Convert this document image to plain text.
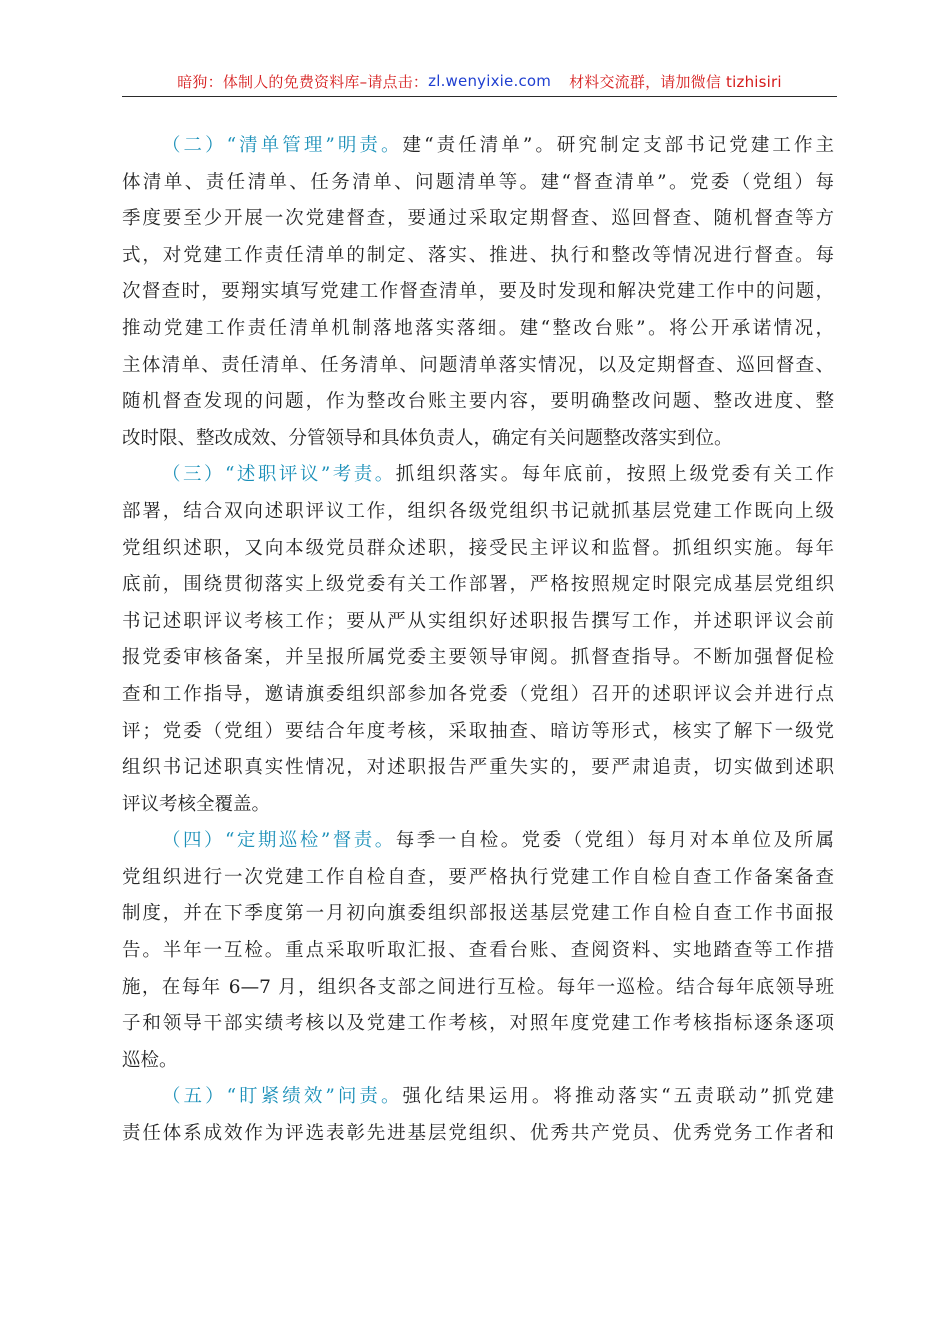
暗狗：体制人的免费资料库 –请点击： zl.wenyixie.com 材料交流群，请加微信 tizhisiri
（二）“清单管理”明责。建“责任清单”。研究制定支部书记党建工作主
体清单、责任清单、任务清单、问题清单等。建“督查清单”。党委（党组）每
季度要至少开展一次党建督查，要通过采取定期督查、巡回督查、随机督查等方
式，对党建工作责任清单的制定、落实、推进、执行和整改等情况进行督查。每
次督查时，要翔实填写党建工作督查清单，要及时发现和解决党建工作中的问题，
推动党建工作责任清单机制落地落实落细。建“整改台账”。将公开承诺情况，
主体清单、责任清单、任务清单、问题清单落实情况，以及定期督查、巡回督查、
随机督查发现的问题，作为整改台账主要内容，要明确整改问题、整改进度、整
改时限、整改成效、分管领导和具体负责人，确定有关问题整改落实到位。
（三）“述职评议”考责。抓组织落实。每年底前，按照上级党委有关工作
部署，结合双向述职评议工作，组织各级党组织书记就抓基层党建工作既向上级
党组织述职，又向本级党员群众述职，接受民主评议和监督。抓组织实施。每年
底前，围绕贯彻落实上级党委有关工作部署，严格按照规定时限完成基层党组织
书记述职评议考核工作；要从严从实组织好述职报告撰写工作，并述职评议会前
报党委审核备案，并呈报所属党委主要领导审阅。抓督查指导。不断加强督促检
查和工作指导，邀请旗委组织部参加各党委（党组）召开的述职评议会并进行点
评；党委（党组）要结合年度考核，采取抽查、暗访等形式，核实了解下一级党
组织书记述职真实性情况，对述职报告严重失实的，要严肃追责，切实做到述职
评议考核全覆盖。
（四）“定期巡检”督责。每季一自检。党委（党组）每月对本单位及所属
党组织进行一次党建工作自检自查，要严格执行党建工作自检自查工作备案备查
制度，并在下季度第一月初向旗委组织部报送基层党建工作自检自查工作书面报
告。半年一互检。重点采取听取汇报、查看台账、查阅资料、实地踏查等工作措
施，在每年 6—7 月，组织各支部之间进行互检。每年一巡检。结合每年底领导班
子和领导干部实绩考核以及党建工作考核，对照年度党建工作考核指标逐条逐项
巡检。
（五）“盯紧绩效”问责。强化结果运用。将推动落实“五责联动”抓党建
责任体系成效作为评选表彰先进基层党组织、优秀共产党员、优秀党务工作者和
